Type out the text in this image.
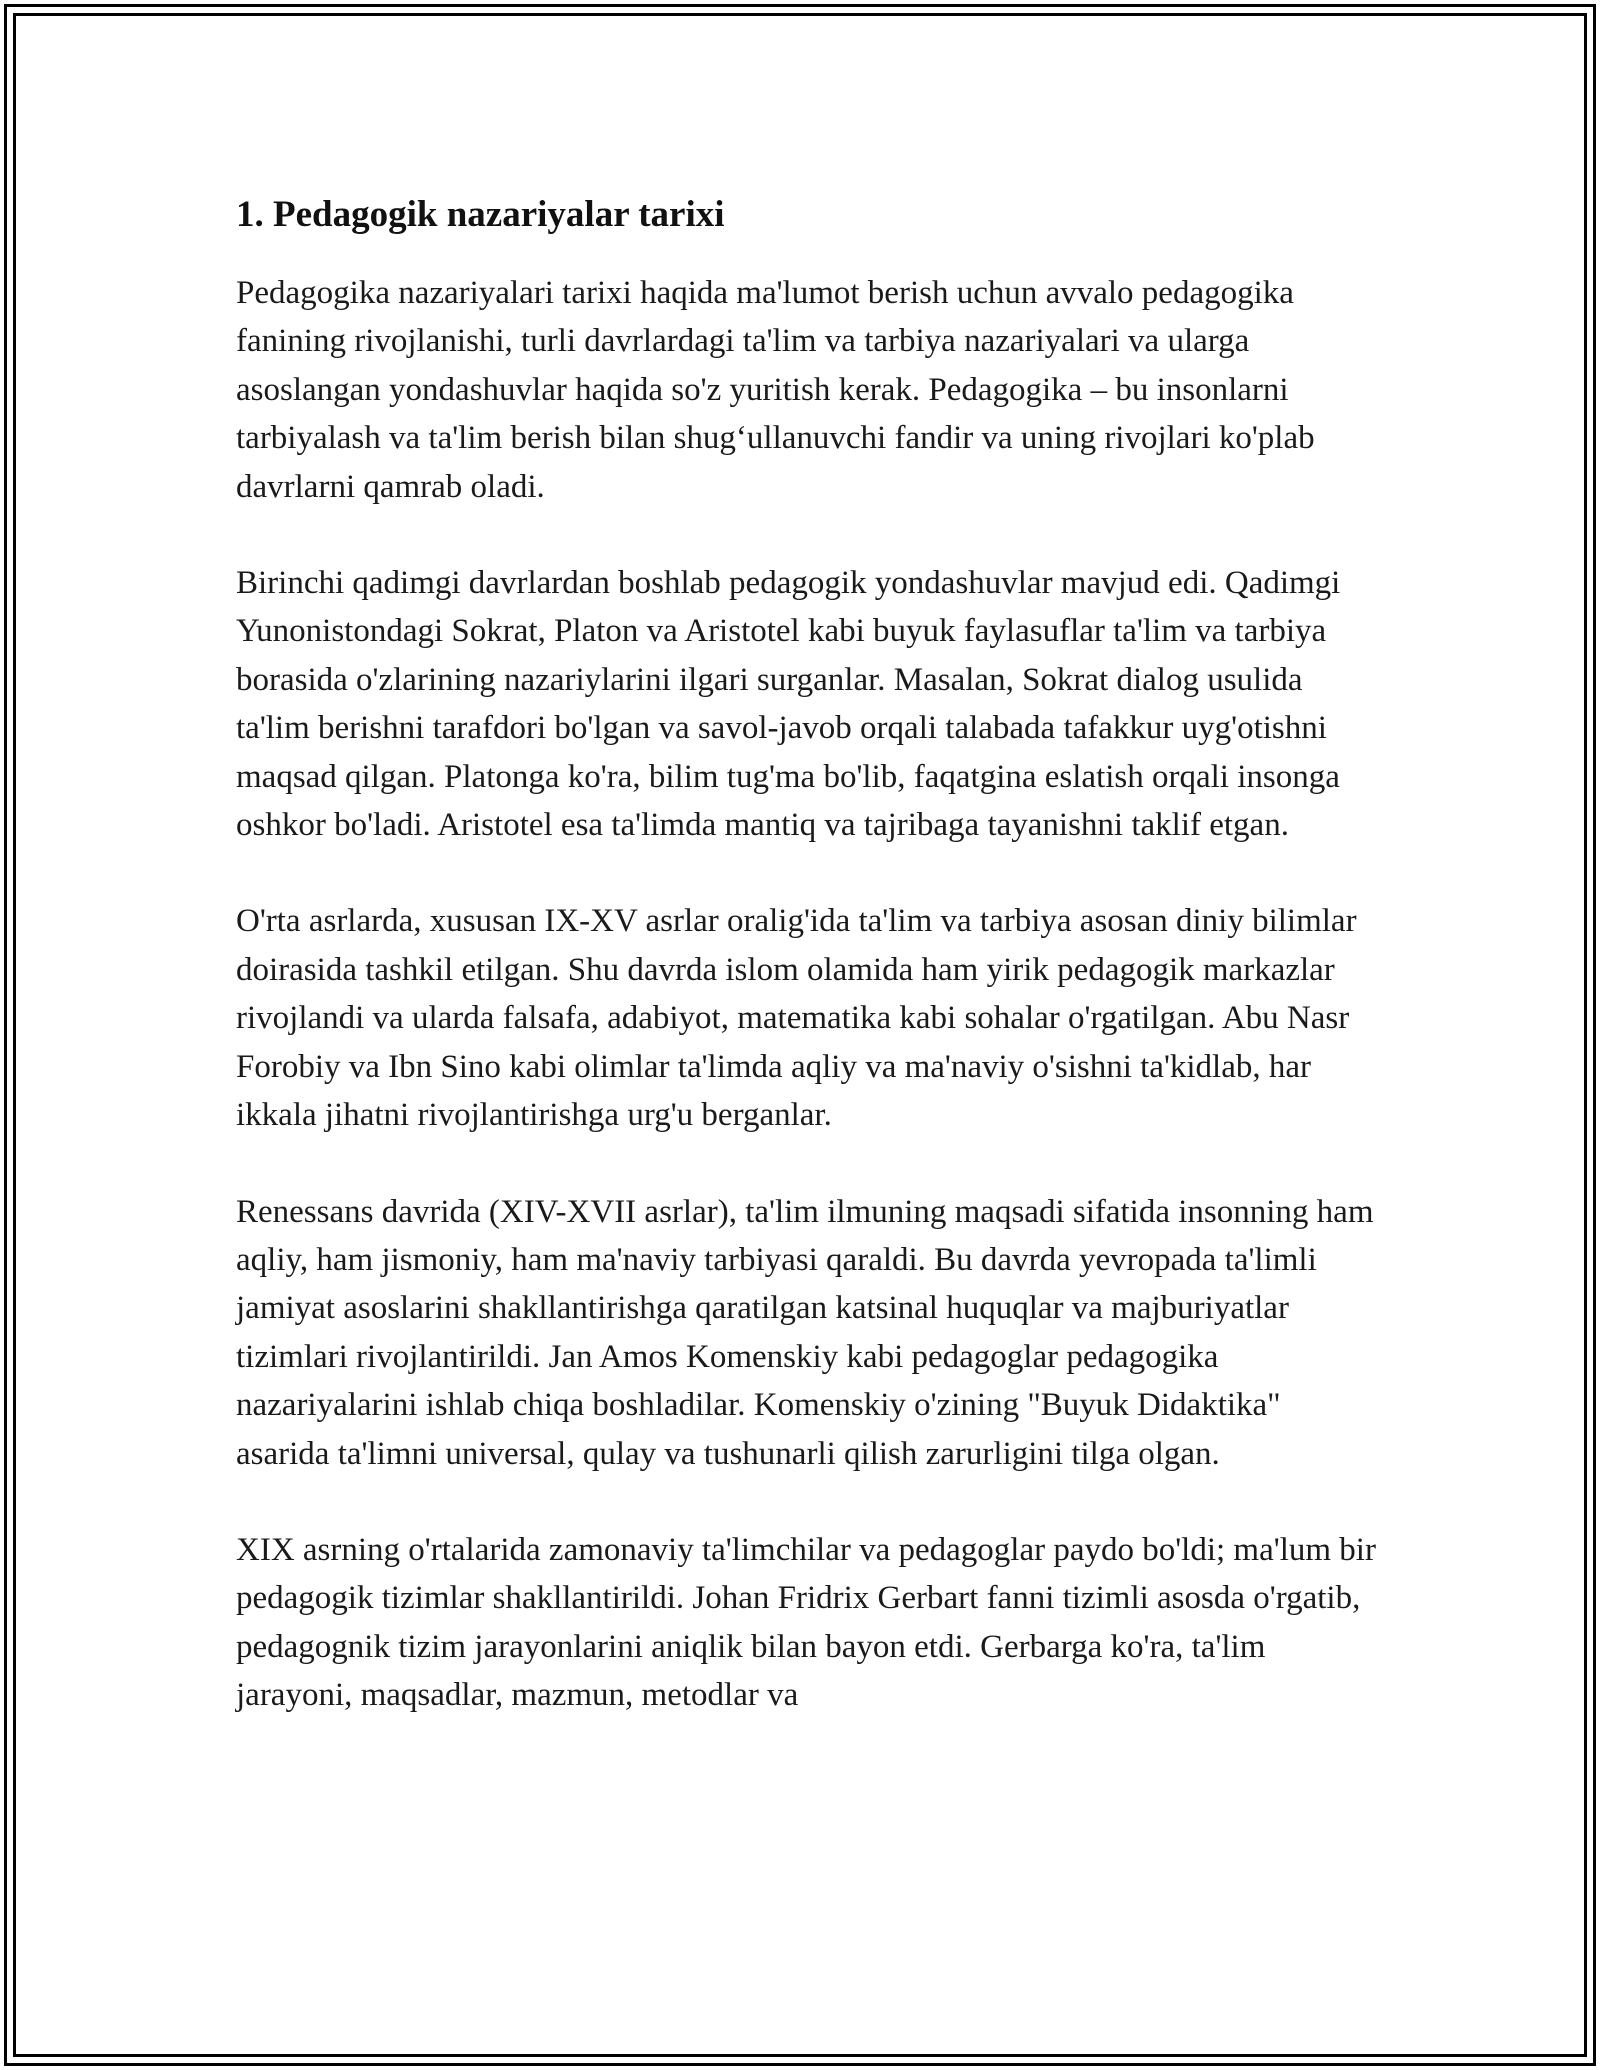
1. Pedagogik nazariyalar tarixi

Pedagogika nazariyalari tarixi haqida ma'lumot berish uchun avvalo pedagogika fanining rivojlanishi, turli davrlardagi ta'lim va tarbiya nazariyalari va ularga asoslangan yondashuvlar haqida so'z yuritish kerak. Pedagogika – bu insonlarni tarbiyalash va ta'lim berish bilan shug‘ullanuvchi fandir va uning rivojlari ko'plab davrlarni qamrab oladi.

Birinchi qadimgi davrlardan boshlab pedagogik yondashuvlar mavjud edi. Qadimgi Yunonistondagi Sokrat, Platon va Aristotel kabi buyuk faylasuflar ta'lim va tarbiya borasida o'zlarining nazariylarini ilgari surganlar. Masalan, Sokrat dialog usulida ta'lim berishni tarafdori bo'lgan va savol-javob orqali talabada tafakkur uyg'otishni maqsad qilgan. Platonga ko'ra, bilim tug'ma bo'lib, faqatgina eslatish orqali insonga oshkor bo'ladi. Aristotel esa ta'limda mantiq va tajribaga tayanishni taklif etgan.

O'rta asrlarda, xususan IX-XV asrlar oralig'ida ta'lim va tarbiya asosan diniy bilimlar doirasida tashkil etilgan. Shu davrda islom olamida ham yirik pedagogik markazlar rivojlandi va ularda falsafa, adabiyot, matematika kabi sohalar o'rgatilgan. Abu Nasr Forobiy va Ibn Sino kabi olimlar ta'limda aqliy va ma'naviy o'sishni ta'kidlab, har ikkala jihatni rivojlantirishga urg'u berganlar.

Renessans davrida (XIV-XVII asrlar), ta'lim ilmuning maqsadi sifatida insonning ham aqliy, ham jismoniy, ham ma'naviy tarbiyasi qaraldi. Bu davrda yevropada ta'limli jamiyat asoslarini shakllantirishga qaratilgan katsinal huquqlar va majburiyatlar tizimlari rivojlantirildi. Jan Amos Komenskiy kabi pedagoglar pedagogika nazariyalarini ishlab chiqa boshladilar. Komenskiy o'zining "Buyuk Didaktika" asarida ta'limni universal, qulay va tushunarli qilish zarurligini tilga olgan.

XIX asrning o'rtalarida zamonaviy ta'limchilar va pedagoglar paydo bo'ldi; ma'lum bir pedagogik tizimlar shakllantirildi. Johan Fridrix Gerbart fanni tizimli asosda o'rgatib, pedagognik tizim jarayonlarini aniqlik bilan bayon etdi. Gerbarga ko'ra, ta'lim jarayoni, maqsadlar, mazmun, metodlar va
